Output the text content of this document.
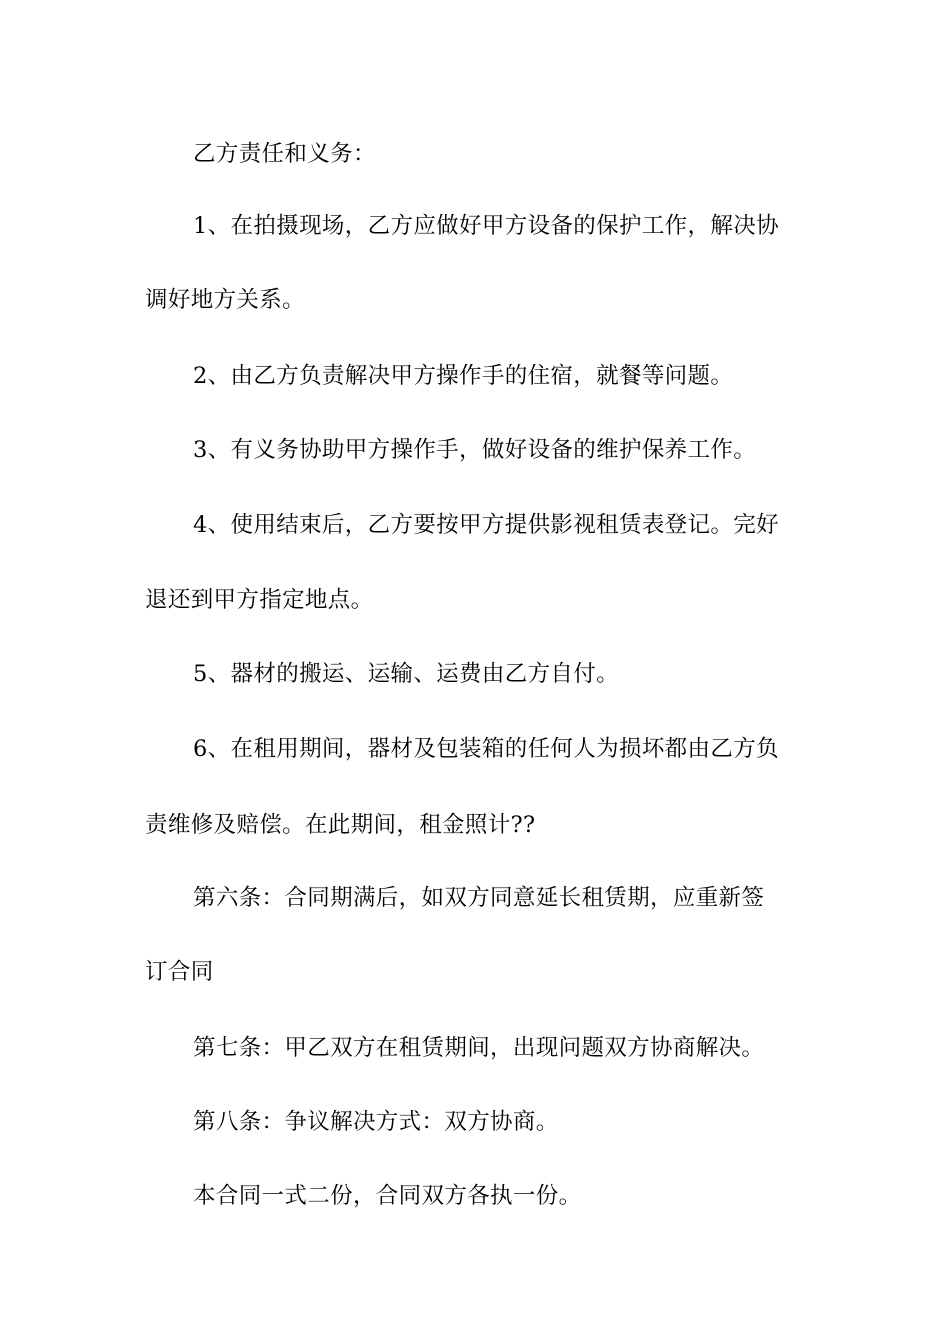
乙方责任和义务：
1、在拍摄现场，乙方应做好甲方设备的保护工作，解决协
调好地方关系。
2、由乙方负责解决甲方操作手的住宿，就餐等问题。
3、有义务协助甲方操作手，做好设备的维护保养工作。
4、使用结束后，乙方要按甲方提供影视租赁表登记。完好
退还到甲方指定地点。
5、器材的搬运、运输、运费由乙方自付。
6、在租用期间，器材及包装箱的任何人为损坏都由乙方负
责维修及赔偿。在此期间，租金照计??
第六条：合同期满后，如双方同意延长租赁期，应重新签
订合同
第七条：甲乙双方在租赁期间，出现问题双方协商解决。
第八条：争议解决方式：双方协商。
本合同一式二份，合同双方各执一份。
